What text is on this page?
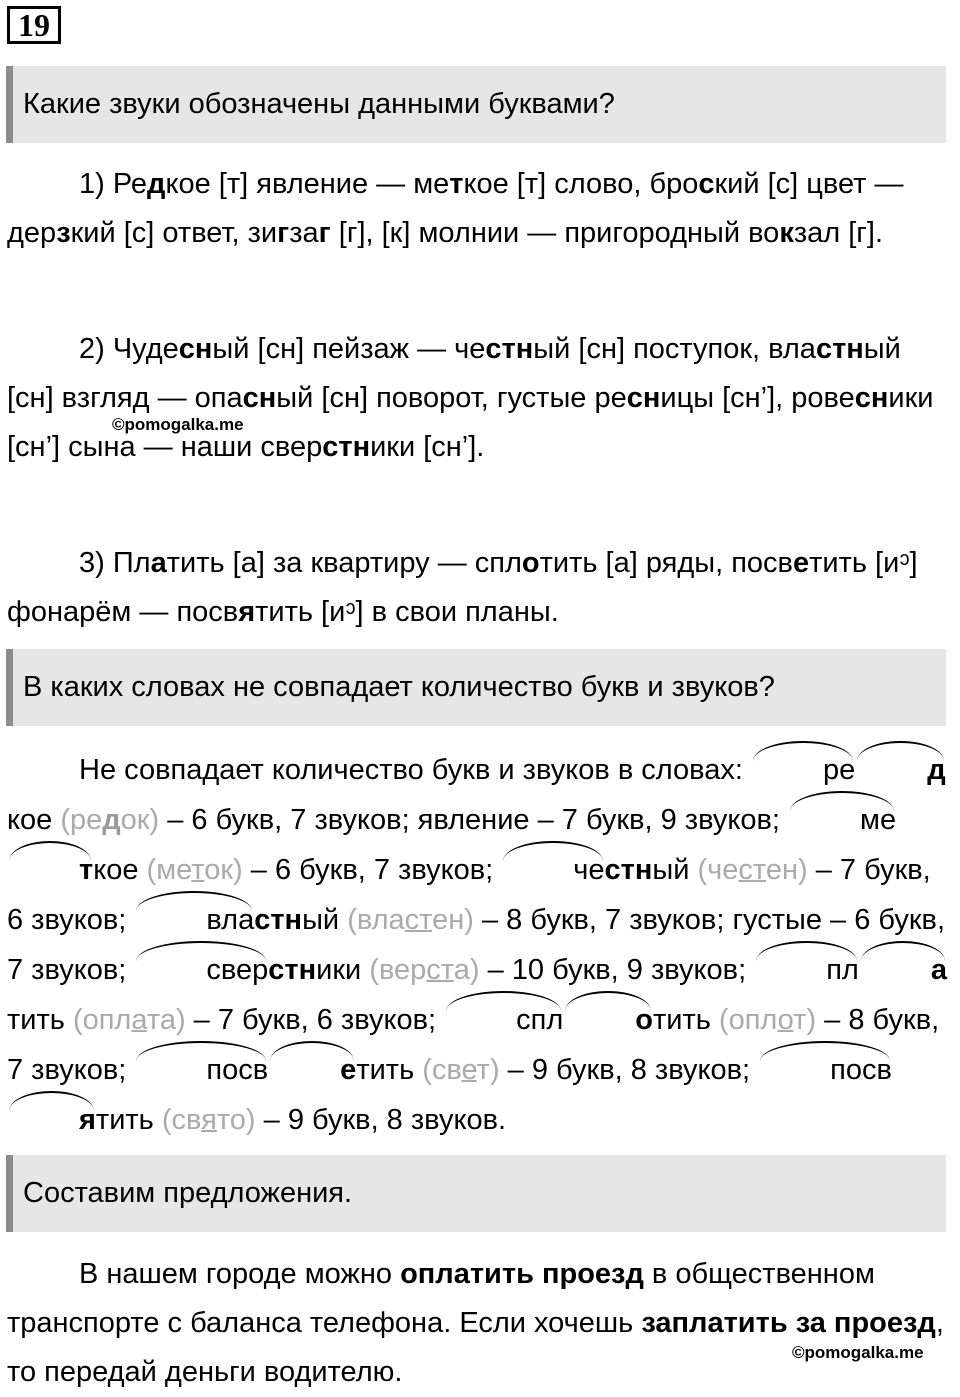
19
Какие звуки обозначены данными буквами?

1) Редкое [т] явление — меткое [т] слово, броский [с] цвет — дерзкий [с] ответ, зигзаг [г], [к] молнии — пригородный вокзал [г].

2) Чудесный [сн] пейзаж — честный [сн] поступок, властный [сн] взгляд — опасный [сн] поворот, густые ресницы [сн’], ровесники [сн’] сына — наши сверстники [сн’].

3) Платить [а] за квартиру — сплотить [а] ряды, посветить [иᵓ] фонарём — посвятить [иᵓ] в свои планы.

©pomogalka.me
В каких словах не совпадает количество букв и звуков?

Не совпадает количество букв и звуков в словах: ре дкое (редок) – 6 букв, 7 звуков; явление – 7 букв, 9 звуков; меткое (меток) – 6 букв, 7 звуков; честный (честен) – 7 букв, 6 звуков; властный (властен) – 8 букв, 7 звуков; густые – 6 букв, 7 звуков; сверстники (верста) – 10 букв, 9 звуков; пл атить (оплата) – 7 букв, 6 звуков; спл отить (оплот) – 8 букв, 7 звуков; посв етить (свет) – 9 букв, 8 звуков; посвятить (свято) – 9 букв, 8 звуков.

Составим предложения.

В нашем городе можно оплатить проезд в общественном транспорте с баланса телефона. Если хочешь заплатить за проезд, то передай деньги водителю.

©pomogalka.me
